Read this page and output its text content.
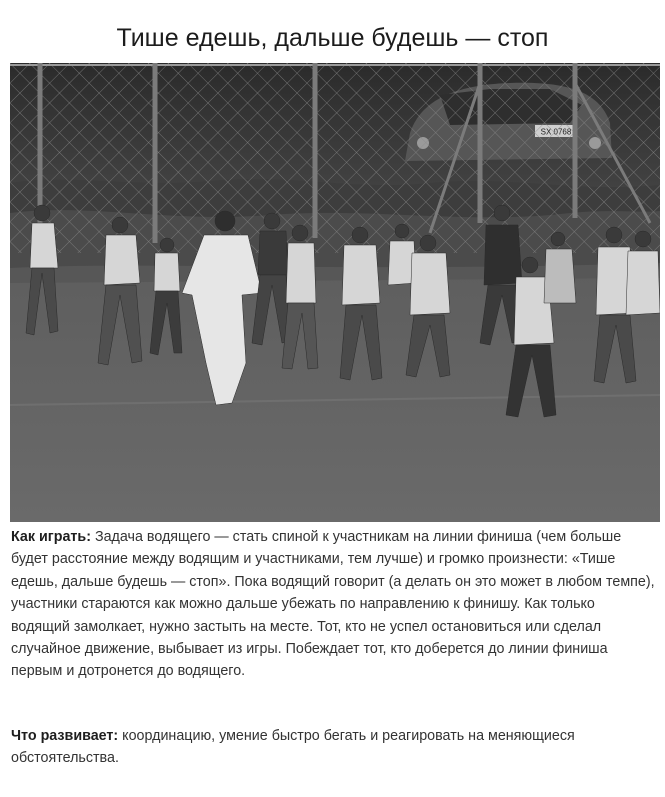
Тише едешь, дальше будешь — стоп
Как играть: Задача водящего — стать спиной к участникам на линии финиша (чем больше будет расстояние между водящим и участниками, тем лучше) и громко произнести: «Тише едешь, дальше будешь — стоп». Пока водящий говорит (а делать он это может в любом темпе), участники стараются как можно дальше убежать по направлению к финишу. Как только водящий замолкает, нужно застыть на месте. Тот, кто не успел остановиться или сделал случайное движение, выбывает из игры. Побеждает тот, кто доберется до линии финиша первым и дотронется до водящего.
Что развивает: координацию, умение быстро бегать и реагировать на меняющиеся обстоятельства.
